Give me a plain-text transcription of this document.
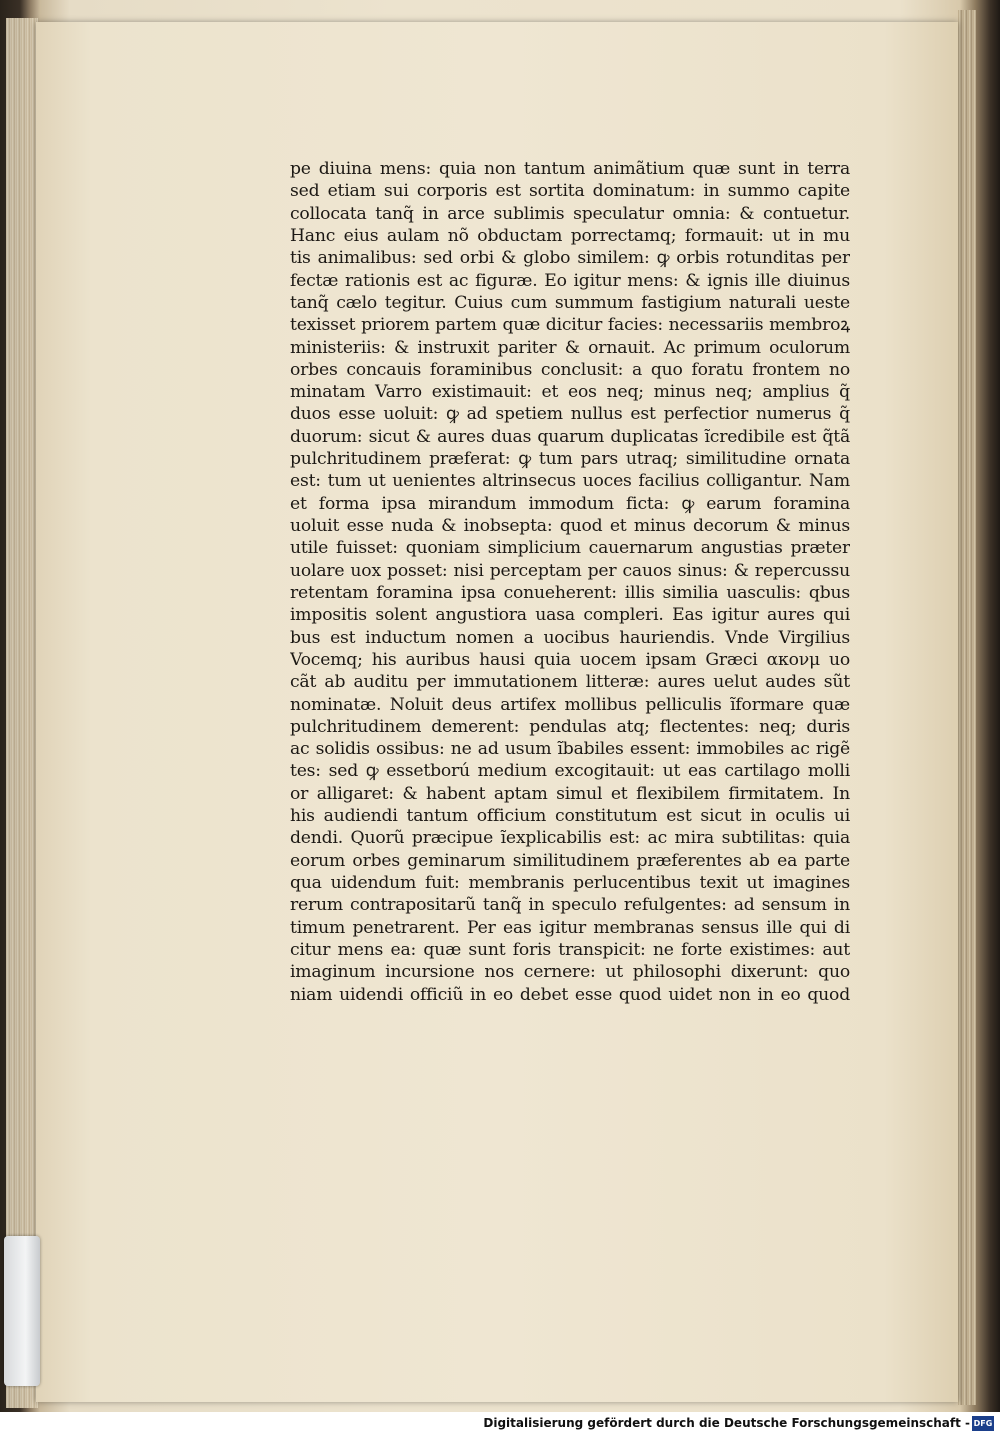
pe diuina mens: quia non tantum animãtium quæ sunt in terra
sed etiam sui corporis est sortita dominatum: in summo capite
collocata tanq̃ in arce sublimis speculatur omnia: & contuetur.
Hanc eius aulam nõ obductam porrectamq; formauit: ut in mu
tis animalibus: sed orbi & globo similem: ꝙ orbis rotunditas per
fectæ rationis est ac figuræ. Eo igitur mens: & ignis ille diuinus
tanq̃ cælo tegitur. Cuius cum summum fastigium naturali ueste
texisset priorem partem quæ dicitur facies: necessariis membroꝝ
ministeriis: & instruxit pariter & ornauit. Ac primum oculorum
orbes concauis foraminibus conclusit: a quo foratu frontem no
minatam Varro existimauit: et eos neq; minus neq; amplius q̃
duos esse uoluit: ꝙ ad spetiem nullus est perfectior numerus q̃
duorum: sicut & aures duas quarum duplicatas ĩcredibile est q̃tã
pulchritudinem præferat: ꝙ tum pars utraq; similitudine ornata
est: tum ut uenientes altrinsecus uoces facilius colligantur. Nam
et forma ipsa mirandum immodum ficta: ꝙ earum foramina
uoluit esse nuda & inobsepta: quod et minus decorum & minus
utile fuisset: quoniam simplicium cauernarum angustias præter
uolare uox posset: nisi perceptam per cauos sinus: & repercussu
retentam foramina ipsa conueherent: illis similia uasculis: qbus
impositis solent angustiora uasa compleri. Eas igitur aures qui
bus est inductum nomen a uocibus hauriendis. Vnde Virgilius
Vocemq; his auribus hausi quia uocem ipsam Græci ακονμ uo
cãt ab auditu per immutationem litteræ: aures uelut audes sũt
nominatæ. Noluit deus artifex mollibus pelliculis ĩformare quæ
pulchritudinem demerent: pendulas atq; flectentes: neq; duris
ac solidis ossibus: ne ad usum ĩbabiles essent: immobiles ac rigẽ
tes: sed ꝙ essetború medium excogitauit: ut eas cartilago molli
or alligaret: & habent aptam simul et flexibilem firmitatem. In
his audiendi tantum officium constitutum est sicut in oculis ui
dendi. Quorũ præcipue ĩexplicabilis est: ac mira subtilitas: quia
eorum orbes geminarum similitudinem præferentes ab ea parte
qua uidendum fuit: membranis perlucentibus texit ut imagines
rerum contrapositarũ tanq̃ in speculo refulgentes: ad sensum in
timum penetrarent. Per eas igitur membranas sensus ille qui di
citur mens ea: quæ sunt foris transpicit: ne forte existimes: aut
imaginum incursione nos cernere: ut philosophi dixerunt: quo
niam uidendi officiũ in eo debet esse quod uidet non in eo quod
Digitalisierung gefördert durch die Deutsche Forschungsgemeinschaft - DFG
